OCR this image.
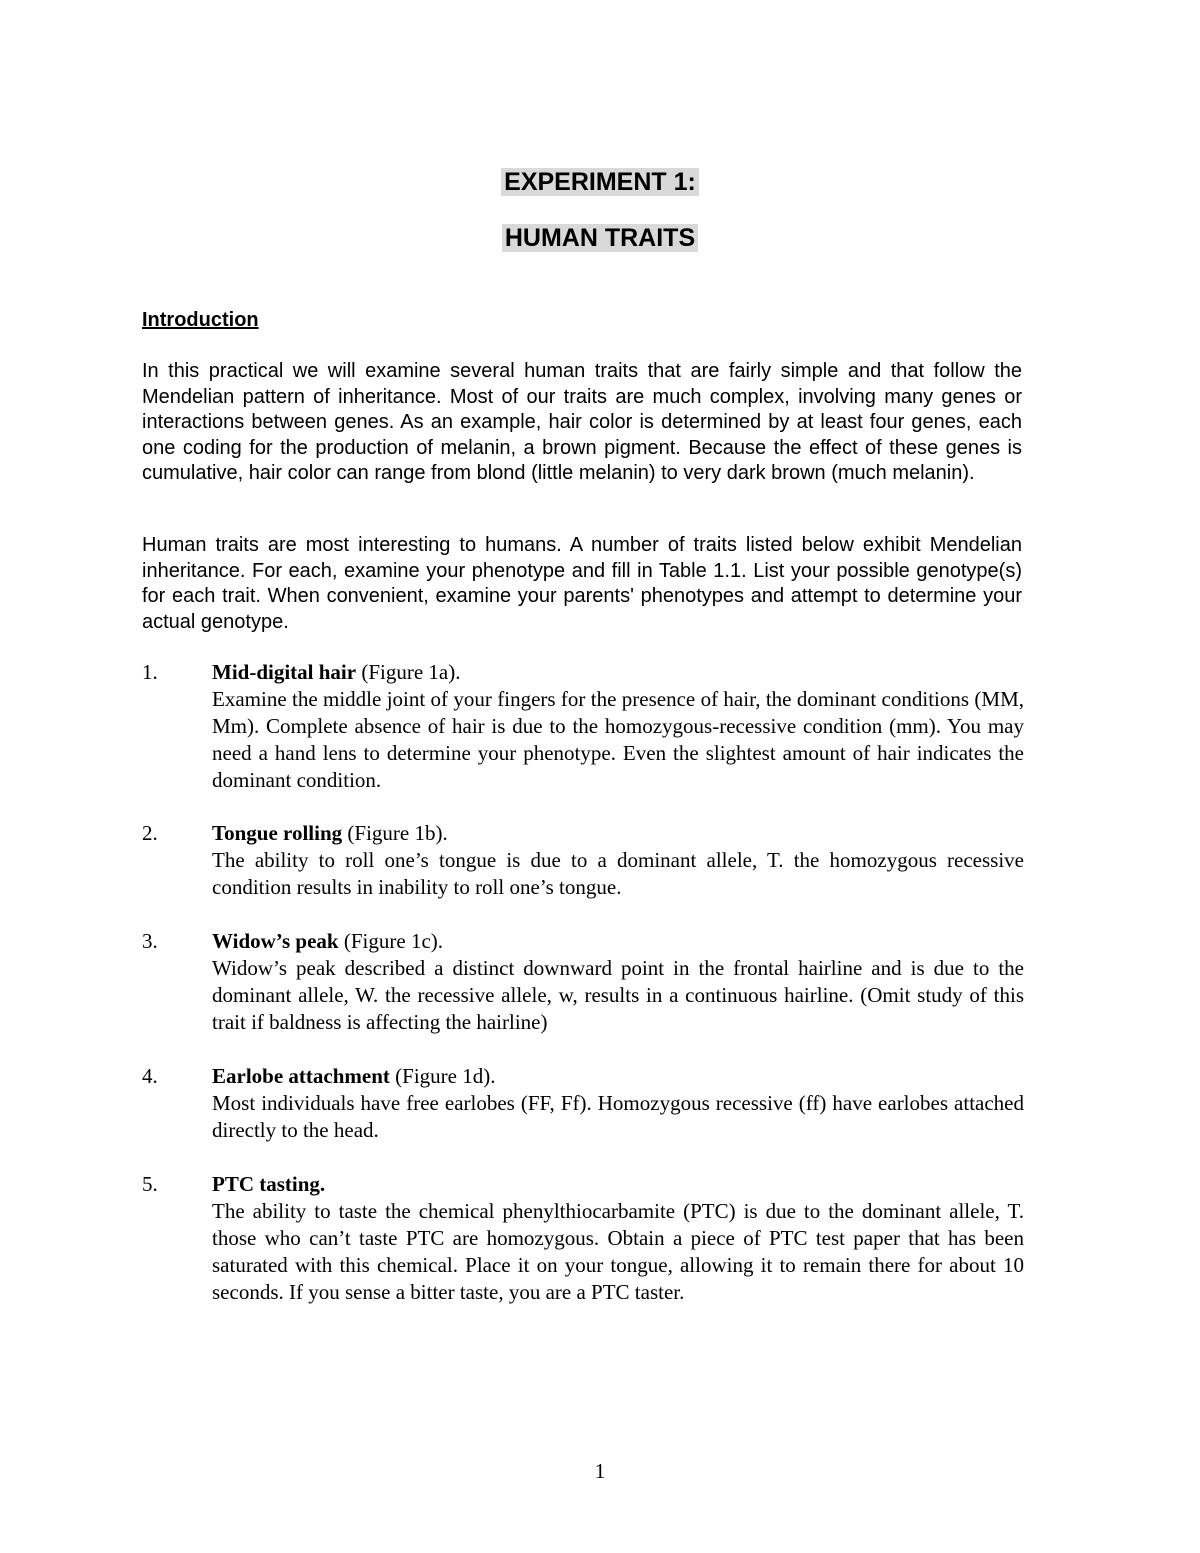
EXPERIMENT 1:
HUMAN TRAITS
Introduction

In this practical we will examine several human traits that are fairly simple and that follow the Mendelian pattern of inheritance. Most of our traits are much complex, involving many genes or interactions between genes. As an example, hair color is determined by at least four genes, each one coding for the production of melanin, a brown pigment. Because the effect of these genes is cumulative, hair color can range from blond (little melanin) to very dark brown (much melanin).

Human traits are most interesting to humans. A number of traits listed below exhibit Mendelian inheritance. For each, examine your phenotype and fill in Table 1.1. List your possible genotype(s) for each trait. When convenient, examine your parents' phenotypes and attempt to determine your actual genotype.

1.	Mid-digital hair (Figure 1a).
Examine the middle joint of your fingers for the presence of hair, the dominant conditions (MM, Mm). Complete absence of hair is due to the homozygous-recessive condition (mm). You may need a hand lens to determine your phenotype. Even the slightest amount of hair indicates the dominant condition.
2.	Tongue rolling (Figure 1b).
The ability to roll one’s tongue is due to a dominant allele, T. the homozygous recessive condition results in inability to roll one’s tongue.
3.	Widow’s peak (Figure 1c).
Widow’s peak described a distinct downward point in the frontal hairline and is due to the dominant allele, W. the recessive allele, w, results in a continuous hairline. (Omit study of this trait if baldness is affecting the hairline)
4.	Earlobe attachment (Figure 1d).
Most individuals have free earlobes (FF, Ff). Homozygous recessive (ff) have earlobes attached directly to the head.
5.	PTC tasting.
The ability to taste the chemical phenylthiocarbamite (PTC) is due to the dominant allele, T. those who can’t taste PTC are homozygous. Obtain a piece of PTC test paper that has been saturated with this chemical. Place it on your tongue, allowing it to remain there for about 10 seconds. If you sense a bitter taste, you are a PTC taster.
1
